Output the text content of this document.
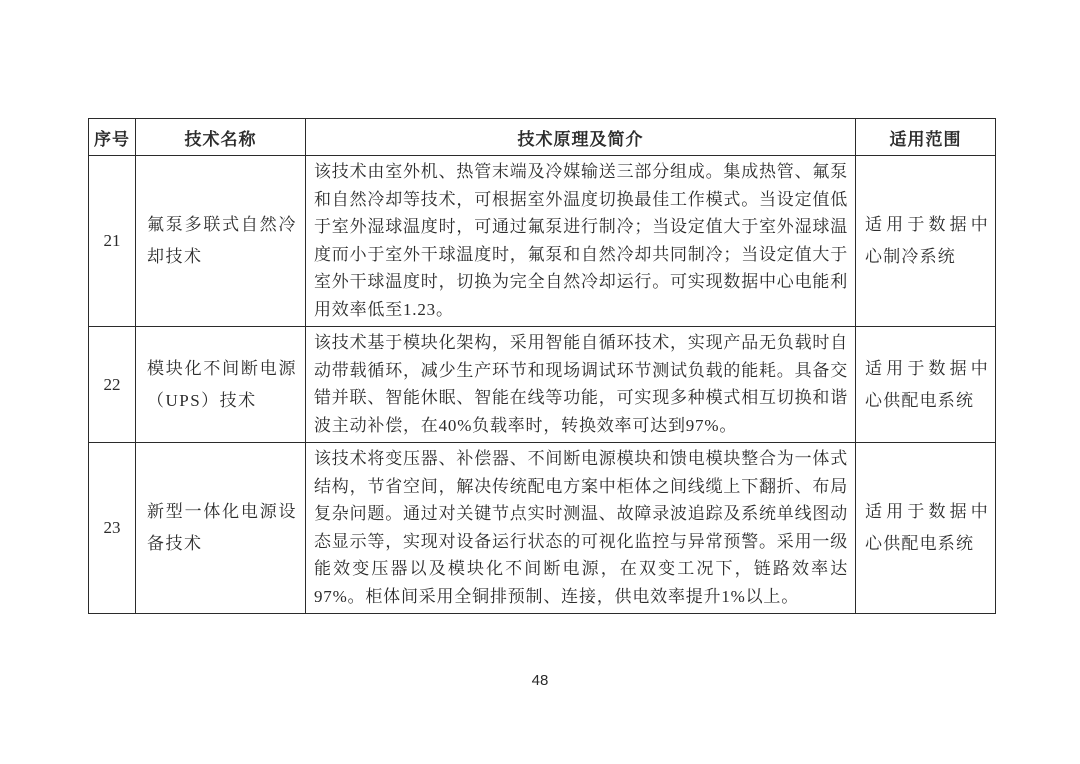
序号	技术名称	技术原理及简介	适用范围
21	氟泵多联式自然冷却技术	该技术由室外机、热管末端及冷媒输送三部分组成。集成热管、氟泵和自然冷却等技术，可根据室外温度切换最佳工作模式。当设定值低于室外湿球温度时，可通过氟泵进行制冷；当设定值大于室外湿球温度而小于室外干球温度时，氟泵和自然冷却共同制冷；当设定值大于室外干球温度时，切换为完全自然冷却运行。可实现数据中心电能利用效率低至1.23。	适用于数据中心制冷系统
22	模块化不间断电源（UPS）技术	该技术基于模块化架构，采用智能自循环技术，实现产品无负载时自动带载循环，减少生产环节和现场调试环节测试负载的能耗。具备交错并联、智能休眠、智能在线等功能，可实现多种模式相互切换和谐波主动补偿，在40%负载率时，转换效率可达到97%。	适用于数据中心供配电系统
23	新型一体化电源设备技术	该技术将变压器、补偿器、不间断电源模块和馈电模块整合为一体式结构，节省空间，解决传统配电方案中柜体之间线缆上下翻折、布局复杂问题。通过对关键节点实时测温、故障录波追踪及系统单线图动态显示等，实现对设备运行状态的可视化监控与异常预警。采用一级能效变压器以及模块化不间断电源，在双变工况下，链路效率达97%。柜体间采用全铜排预制、连接，供电效率提升1%以上。	适用于数据中心供配电系统
48
